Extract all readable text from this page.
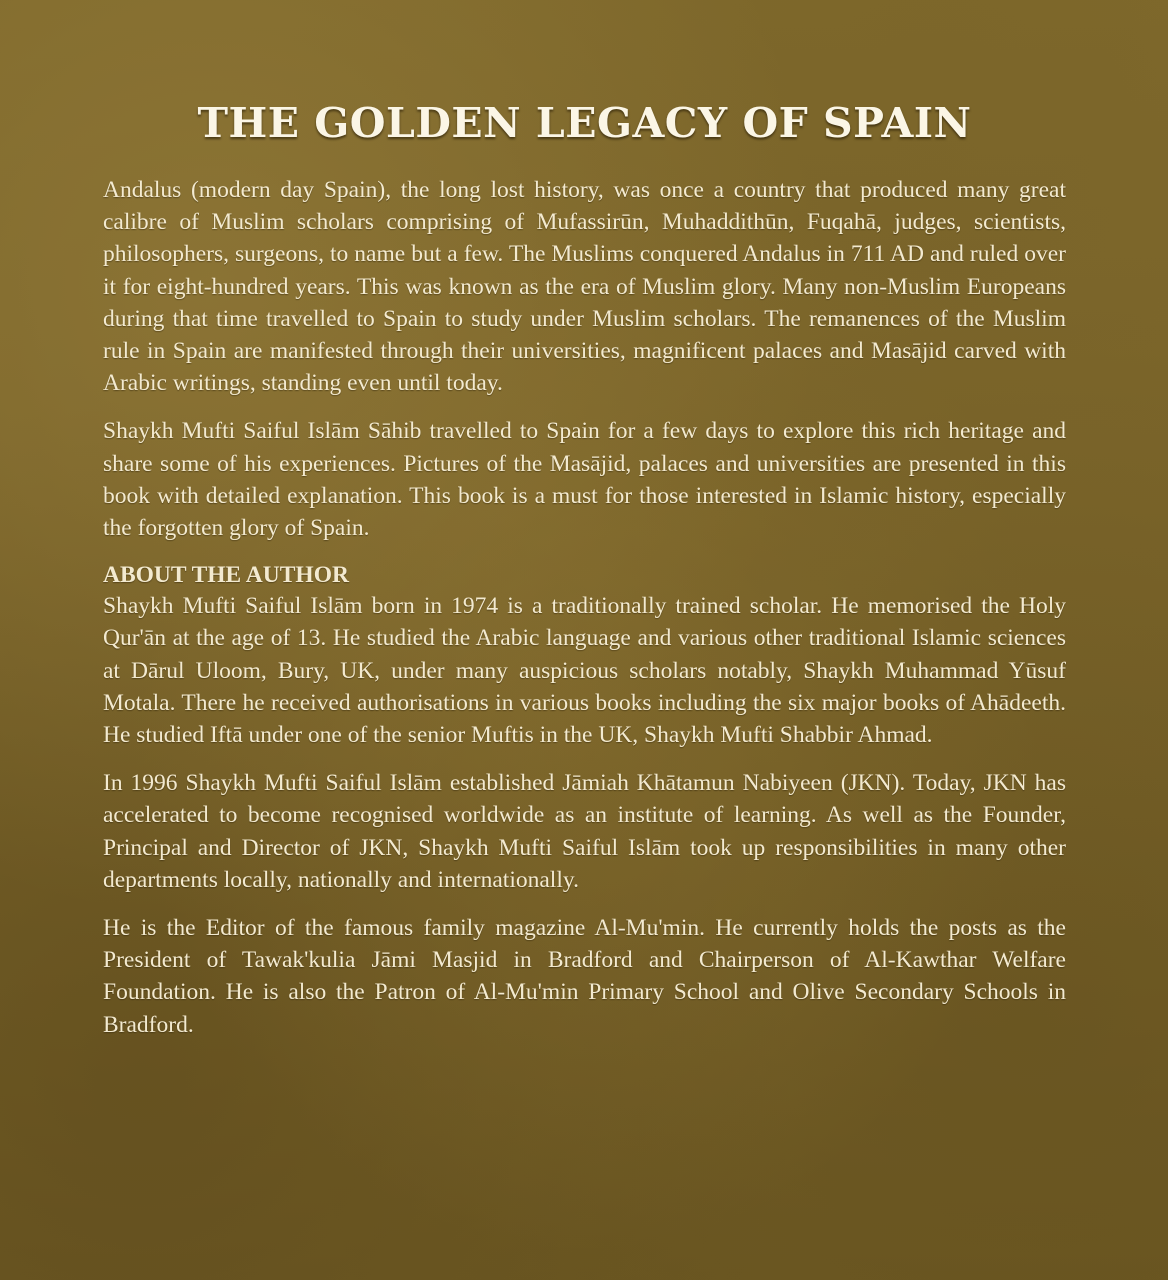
THE GOLDEN LEGACY OF SPAIN

Andalus (modern day Spain), the long lost history, was once a country that produced many great calibre of Muslim scholars comprising of Mufassirūn, Muhaddithūn, Fuqahā, judges, scientists, philosophers, surgeons, to name but a few. The Muslims conquered Andalus in 711 AD and ruled over it for eight-hundred years. This was known as the era of Muslim glory. Many non-Muslim Europeans during that time travelled to Spain to study under Muslim scholars. The remanences of the Muslim rule in Spain are manifested through their universities, magnificent palaces and Masājid carved with Arabic writings, standing even until today.

Shaykh Mufti Saiful Islām Sāhib travelled to Spain for a few days to explore this rich heritage and share some of his experiences. Pictures of the Masājid, palaces and universities are presented in this book with detailed explanation. This book is a must for those interested in Islamic history, especially the forgotten glory of Spain.

ABOUT THE AUTHOR

Shaykh Mufti Saiful Islām born in 1974 is a traditionally trained scholar. He memorised the Holy Qur'ān at the age of 13. He studied the Arabic language and various other traditional Islamic sciences at Dārul Uloom, Bury, UK, under many auspicious scholars notably, Shaykh Muhammad Yūsuf Motala. There he received authorisations in various books including the six major books of Ahādeeth. He studied Iftā under one of the senior Muftis in the UK, Shaykh Mufti Shabbir Ahmad.

In 1996 Shaykh Mufti Saiful Islām established Jāmiah Khātamun Nabiyeen (JKN). Today, JKN has accelerated to become recognised worldwide as an institute of learning. As well as the Founder, Principal and Director of JKN, Shaykh Mufti Saiful Islām took up responsibilities in many other departments locally, nationally and internationally.

He is the Editor of the famous family magazine Al-Mu'min. He currently holds the posts as the President of Tawak'kulia Jāmi Masjid in Bradford and Chairperson of Al-Kawthar Welfare Foundation. He is also the Patron of Al-Mu'min Primary School and Olive Secondary Schools in Bradford.
